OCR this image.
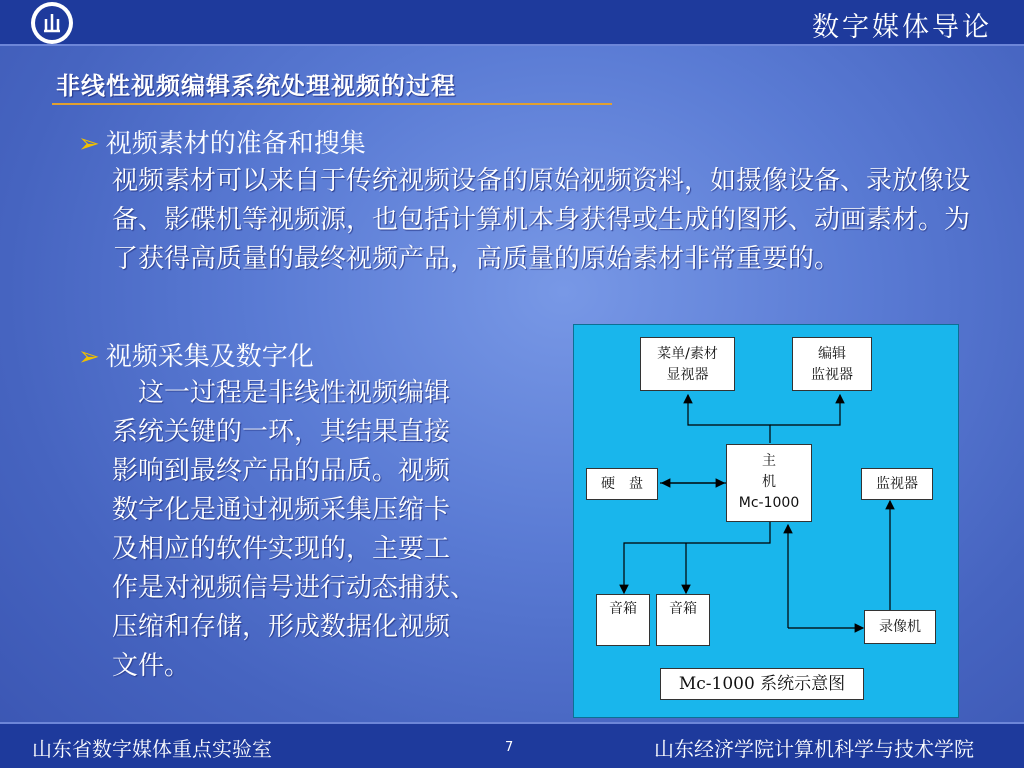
数字媒体导论
非线性视频编辑系统处理视频的过程
➢ 视频素材的准备和搜集
视频素材可以来自于传统视频设备的原始视频资料，如摄像设备、录放像设备、影碟机等视频源，也包括计算机本身获得或生成的图形、动画素材。为了获得高质量的最终视频产品，高质量的原始素材非常重要的。
➢ 视频采集及数字化
　这一过程是非线性视频编辑
系统关键的一环，其结果直接
影响到最终产品的品质。视频
数字化是通过视频采集压缩卡
及相应的软件实现的，主要工
作是对视频信号进行动态捕获、
压缩和存储，形成数据化视频
文件。
菜单/素材
显视器
编辑
监视器
硬　盘
主
机
Mc-1000
监视器
音箱	音箱
录像机
Mc-1000 系统示意图
山东省数字媒体重点实验室	7	山东经济学院计算机科学与技术学院
